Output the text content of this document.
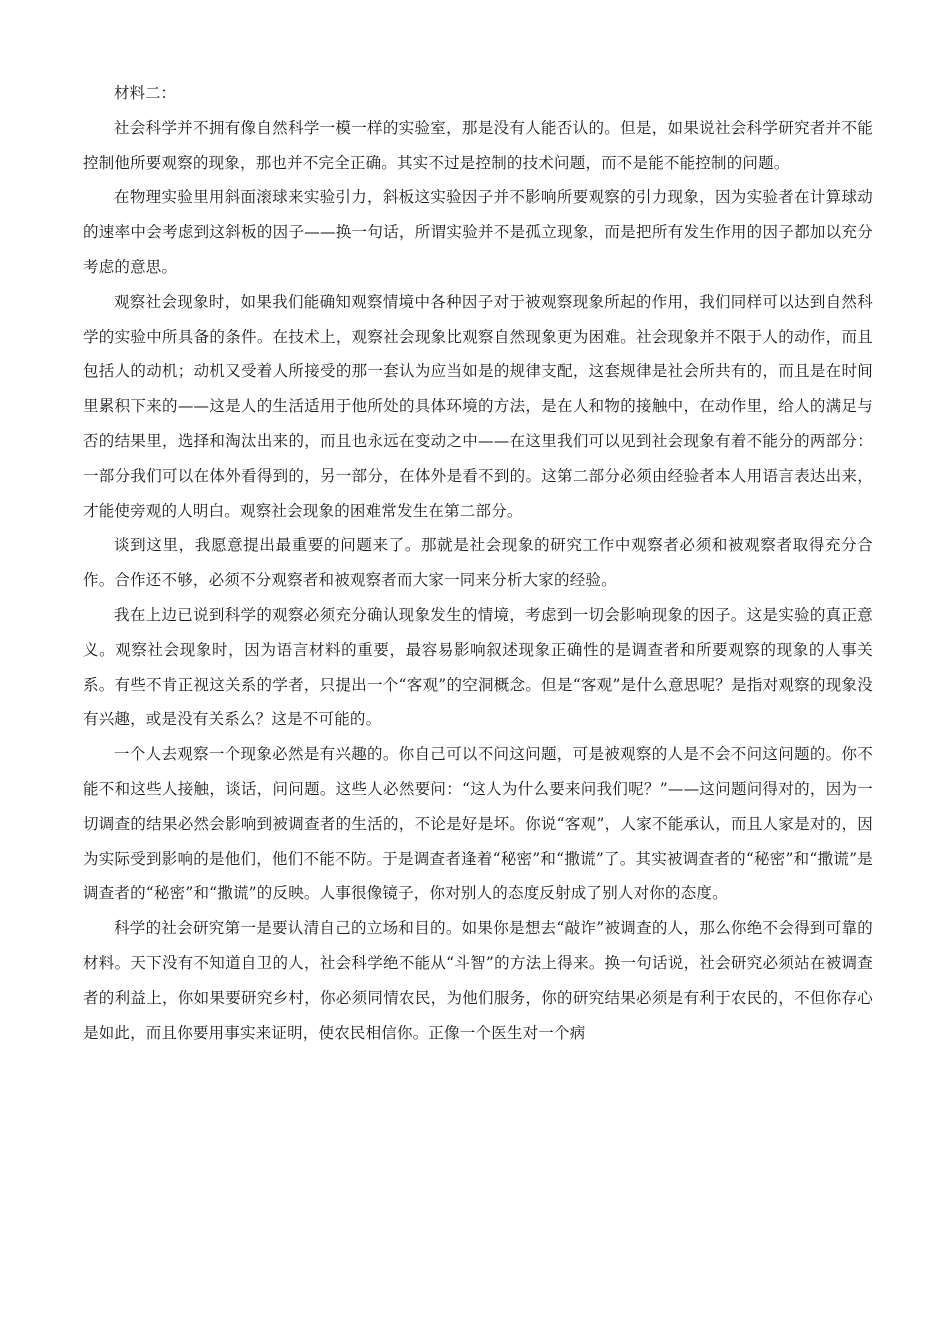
材料二：

社会科学并不拥有像自然科学一模一样的实验室，那是没有人能否认的。但是，如果说社会科学研究者并不能控制他所要观察的现象，那也并不完全正确。其实不过是控制的技术问题，而不是能不能控制的问题。

在物理实验里用斜面滚球来实验引力，斜板这实验因子并不影响所要观察的引力现象，因为实验者在计算球动的速率中会考虑到这斜板的因子——换一句话，所谓实验并不是孤立现象，而是把所有发生作用的因子都加以充分考虑的意思。

观察社会现象时，如果我们能确知观察情境中各种因子对于被观察现象所起的作用，我们同样可以达到自然科学的实验中所具备的条件。在技术上，观察社会现象比观察自然现象更为困难。社会现象并不限于人的动作，而且包括人的动机；动机又受着人所接受的那一套认为应当如是的规律支配，这套规律是社会所共有的，而且是在时间里累积下来的——这是人的生活适用于他所处的具体环境的方法，是在人和物的接触中，在动作里，给人的满足与否的结果里，选择和淘汰出来的，而且也永远在变动之中——在这里我们可以见到社会现象有着不能分的两部分：一部分我们可以在体外看得到的，另一部分，在体外是看不到的。这第二部分必须由经验者本人用语言表达出来，才能使旁观的人明白。观察社会现象的困难常发生在第二部分。

谈到这里，我愿意提出最重要的问题来了。那就是社会现象的研究工作中观察者必须和被观察者取得充分合作。合作还不够，必须不分观察者和被观察者而大家一同来分析大家的经验。

我在上边已说到科学的观察必须充分确认现象发生的情境，考虑到一切会影响现象的因子。这是实验的真正意义。观察社会现象时，因为语言材料的重要，最容易影响叙述现象正确性的是调查者和所要观察的现象的人事关系。有些不肯正视这关系的学者，只提出一个“客观”的空洞概念。但是“客观”是什么意思呢？是指对观察的现象没有兴趣，或是没有关系么？这是不可能的。

一个人去观察一个现象必然是有兴趣的。你自己可以不问这问题，可是被观察的人是不会不问这问题的。你不能不和这些人接触，谈话，问问题。这些人必然要问：“这人为什么要来问我们呢？”——这问题问得对的，因为一切调查的结果必然会影响到被调查者的生活的，不论是好是坏。你说“客观”，人家不能承认，而且人家是对的，因为实际受到影响的是他们，他们不能不防。于是调查者逢着“秘密”和“撒谎”了。其实被调查者的“秘密”和“撒谎”是调查者的“秘密”和“撒谎”的反映。人事很像镜子，你对别人的态度反射成了别人对你的态度。

科学的社会研究第一是要认清自己的立场和目的。如果你是想去“敲诈”被调查的人，那么你绝不会得到可靠的材料。天下没有不知道自卫的人，社会科学绝不能从“斗智”的方法上得来。换一句话说，社会研究必须站在被调查者的利益上，你如果要研究乡村，你必须同情农民，为他们服务，你的研究结果必须是有利于农民的，不但你存心是如此，而且你要用事实来证明，使农民相信你。正像一个医生对一个病
